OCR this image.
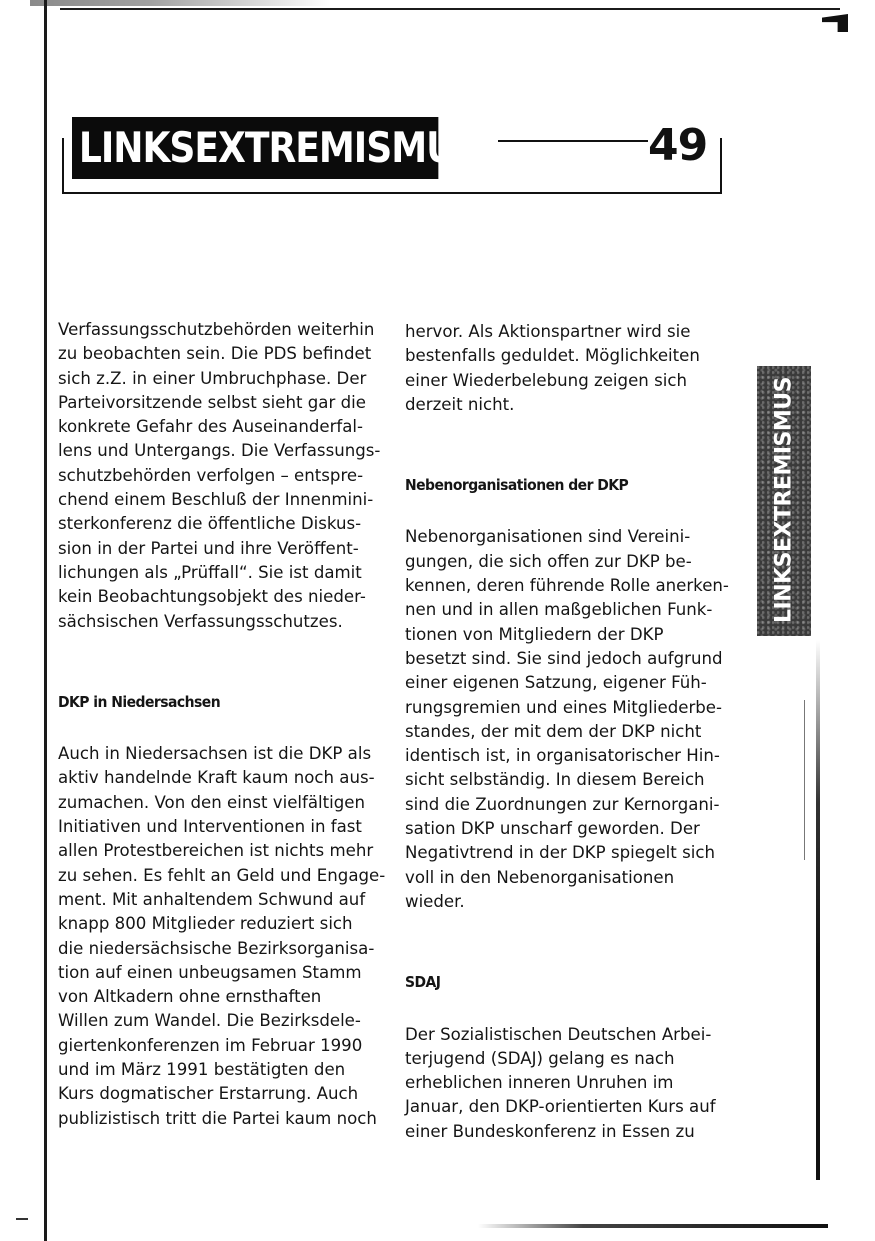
LINKSEXTREMISMUS	49
LINKSEXTREMISMUS
Verfassungsschutzbehörden weiterhin
zu beobachten sein. Die PDS befindet
sich z.Z. in einer Umbruchphase. Der
Parteivorsitzende selbst sieht gar die
konkrete Gefahr des Auseinanderfal-
lens und Untergangs. Die Verfassungs-
schutzbehörden verfolgen – entspre-
chend einem Beschluß der Innenmini-
sterkonferenz die öffentliche Diskus-
sion in der Partei und ihre Veröffent-
lichungen als „Prüffall“. Sie ist damit
kein Beobachtungsobjekt des nieder-
sächsischen Verfassungsschutzes.
DKP in Niedersachsen
Auch in Niedersachsen ist die DKP als
aktiv handelnde Kraft kaum noch aus-
zumachen. Von den einst vielfältigen
Initiativen und Interventionen in fast
allen Protestbereichen ist nichts mehr
zu sehen. Es fehlt an Geld und Engage-
ment. Mit anhaltendem Schwund auf
knapp 800 Mitglieder reduziert sich
die niedersächsische Bezirksorganisa-
tion auf einen unbeugsamen Stamm
von Altkadern ohne ernsthaften
Willen zum Wandel. Die Bezirksdele-
giertenkonferenzen im Februar 1990
und im März 1991 bestätigten den
Kurs dogmatischer Erstarrung. Auch
publizistisch tritt die Partei kaum noch
hervor. Als Aktionspartner wird sie
bestenfalls geduldet. Möglichkeiten
einer Wiederbelebung zeigen sich
derzeit nicht.
Nebenorganisationen der DKP
Nebenorganisationen sind Vereini-
gungen, die sich offen zur DKP be-
kennen, deren führende Rolle anerken-
nen und in allen maßgeblichen Funk-
tionen von Mitgliedern der DKP
besetzt sind. Sie sind jedoch aufgrund
einer eigenen Satzung, eigener Füh-
rungsgremien und eines Mitgliederbe-
standes, der mit dem der DKP nicht
identisch ist, in organisatorischer Hin-
sicht selbständig. In diesem Bereich
sind die Zuordnungen zur Kernorgani-
sation DKP unscharf geworden. Der
Negativtrend in der DKP spiegelt sich
voll in den Nebenorganisationen
wieder.
SDAJ
Der Sozialistischen Deutschen Arbei-
terjugend (SDAJ) gelang es nach
erheblichen inneren Unruhen im
Januar, den DKP-orientierten Kurs auf
einer Bundeskonferenz in Essen zu
